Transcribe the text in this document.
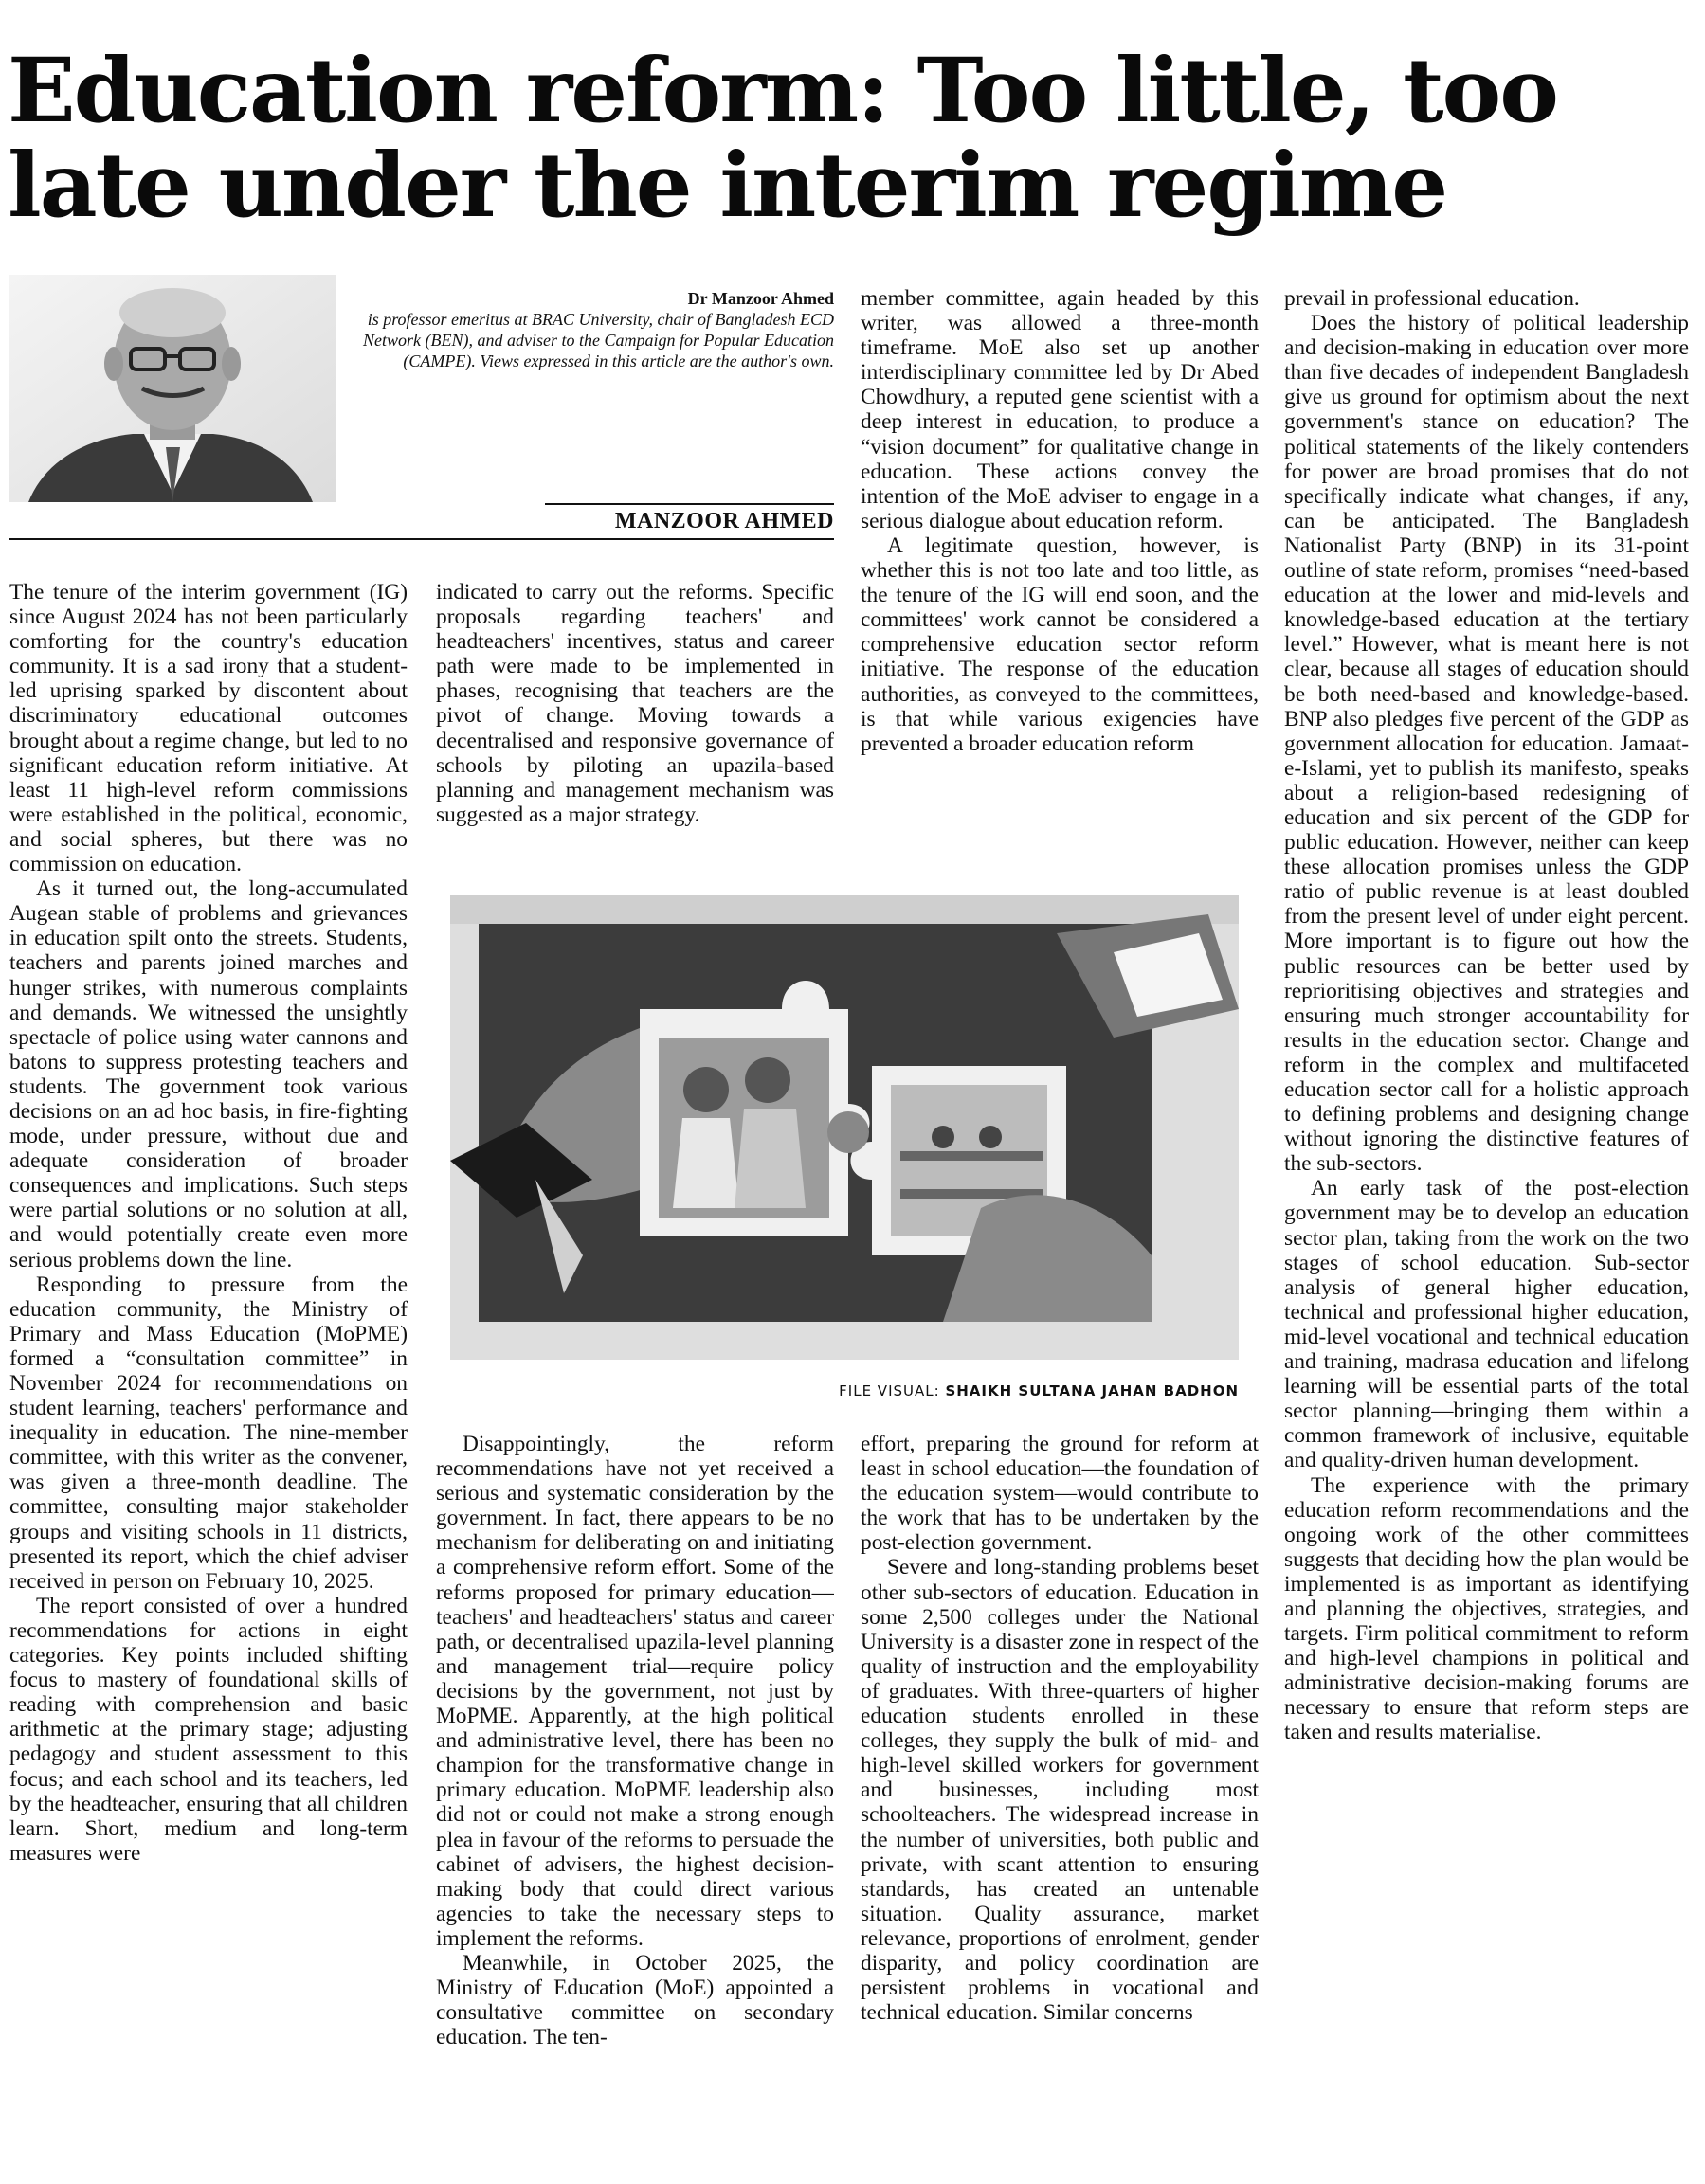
Education reform: Too little, too
late under the interim regime
Dr Manzoor Ahmed
is professor emeritus at BRAC University, chair of Bangladesh ECD Network (BEN), and adviser to the Campaign for Popular Education (CAMPE). Views expressed in this article are the author's own.
MANZOOR AHMED

The tenure of the interim government (IG) since August 2024 has not been particularly comforting for the country's education community. It is a sad irony that a student-led uprising sparked by discontent about discriminatory educational outcomes brought about a regime change, but led to no significant education reform initiative. At least 11 high-level reform commissions were established in the political, economic, and social spheres, but there was no commission on education.

As it turned out, the long-accumulated Augean stable of problems and grievances in education spilt onto the streets. Students, teachers and parents joined marches and hunger strikes, with numerous complaints and demands. We witnessed the unsightly spectacle of police using water cannons and batons to suppress protesting teachers and students. The government took various decisions on an ad hoc basis, in fire-fighting mode, under pressure, without due and adequate consideration of broader consequences and implications. Such steps were partial solutions or no solution at all, and would potentially create even more serious problems down the line.

Responding to pressure from the education community, the Ministry of Primary and Mass Education (MoPME) formed a “consultation committee” in November 2024 for recommendations on student learning, teachers' performance and inequality in education. The nine-member committee, with this writer as the convener, was given a three-month deadline. The committee, consulting major stakeholder groups and visiting schools in 11 districts, presented its report, which the chief adviser received in person on February 10, 2025.

The report consisted of over a hundred recommendations for actions in eight categories. Key points included shifting focus to mastery of foundational skills of reading with comprehension and basic arithmetic at the primary stage; adjusting pedagogy and student assessment to this focus; and each school and its teachers, led by the headteacher, ensuring that all children learn. Short, medium and long-term measures were

indicated to carry out the reforms. Specific proposals regarding teachers' and headteachers' incentives, status and career path were made to be implemented in phases, recognising that teachers are the pivot of change. Moving towards a decentralised and responsive governance of schools by piloting an upazila-based planning and management mechanism was suggested as a major strategy.

member committee, again headed by this writer, was allowed a three-month timeframe. MoE also set up another interdisciplinary committee led by Dr Abed Chowdhury, a reputed gene scientist with a deep interest in education, to produce a “vision document” for qualitative change in education. These actions convey the intention of the MoE adviser to engage in a serious dialogue about education reform.

A legitimate question, however, is whether this is not too late and too little, as the tenure of the IG will end soon, and the committees' work cannot be considered a comprehensive education sector reform initiative. The response of the education authorities, as conveyed to the committees, is that while various exigencies have prevented a broader education reform

FILE VISUAL: SHAIKH SULTANA JAHAN BADHON

Disappointingly, the reform recommendations have not yet received a serious and systematic consideration by the government. In fact, there appears to be no mechanism for deliberating on and initiating a comprehensive reform effort. Some of the reforms proposed for primary education—teachers' and headteachers' status and career path, or decentralised upazila-level planning and management trial—require policy decisions by the government, not just by MoPME. Apparently, at the high political and administrative level, there has been no champion for the transformative change in primary education. MoPME leadership also did not or could not make a strong enough plea in favour of the reforms to persuade the cabinet of advisers, the highest decision-making body that could direct various agencies to take the necessary steps to implement the reforms.

Meanwhile, in October 2025, the Ministry of Education (MoE) appointed a consultative committee on secondary education. The ten-

effort, preparing the ground for reform at least in school education—the foundation of the education system—would contribute to the work that has to be undertaken by the post-election government.

Severe and long-standing problems beset other sub-sectors of education. Education in some 2,500 colleges under the National University is a disaster zone in respect of the quality of instruction and the employability of graduates. With three-quarters of higher education students enrolled in these colleges, they supply the bulk of mid- and high-level skilled workers for government and businesses, including most schoolteachers. The widespread increase in the number of universities, both public and private, with scant attention to ensuring standards, has created an untenable situation. Quality assurance, market relevance, proportions of enrolment, gender disparity, and policy coordination are persistent problems in vocational and technical education. Similar concerns

prevail in professional education.

Does the history of political leadership and decision-making in education over more than five decades of independent Bangladesh give us ground for optimism about the next government's stance on education? The political statements of the likely contenders for power are broad promises that do not specifically indicate what changes, if any, can be anticipated. The Bangladesh Nationalist Party (BNP) in its 31-point outline of state reform, promises “need-based education at the lower and mid-levels and knowledge-based education at the tertiary level.” However, what is meant here is not clear, because all stages of education should be both need-based and knowledge-based. BNP also pledges five percent of the GDP as government allocation for education. Jamaat-e-Islami, yet to publish its manifesto, speaks about a religion-based redesigning of education and six percent of the GDP for public education. However, neither can keep these allocation promises unless the GDP ratio of public revenue is at least doubled from the present level of under eight percent. More important is to figure out how the public resources can be better used by reprioritising objectives and strategies and ensuring much stronger accountability for results in the education sector. Change and reform in the complex and multifaceted education sector call for a holistic approach to defining problems and designing change without ignoring the distinctive features of the sub-sectors.

An early task of the post-election government may be to develop an education sector plan, taking from the work on the two stages of school education. Sub-sector analysis of general higher education, technical and professional higher education, mid-level vocational and technical education and training, madrasa education and lifelong learning will be essential parts of the total sector planning—bringing them within a common framework of inclusive, equitable and quality-driven human development.

The experience with the primary education reform recommendations and the ongoing work of the other committees suggests that deciding how the plan would be implemented is as important as identifying and planning the objectives, strategies, and targets. Firm political commitment to reform and high-level champions in political and administrative decision-making forums are necessary to ensure that reform steps are taken and results materialise.
